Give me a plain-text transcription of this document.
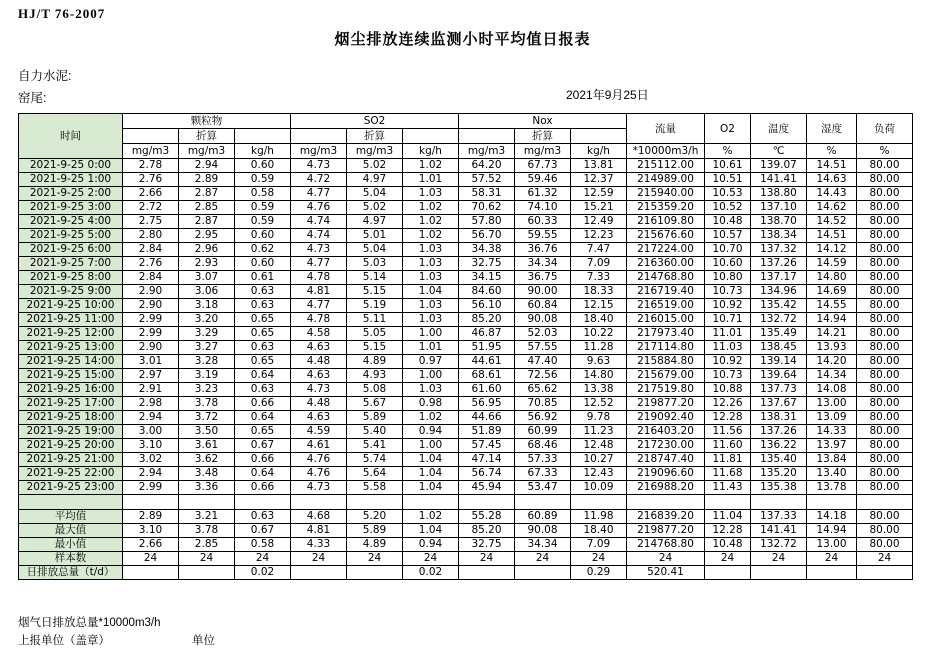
HJ/T 76-2007
烟尘排放连续监测小时平均值日报表
自力水泥:
窑尾:	2021年9月25日
时间	颗粒物			SO2			Nox			流量	O2	温度	湿度	负荷
		折算			折算			折算						
	mg/m3	mg/m3	kg/h	mg/m3	mg/m3	kg/h	mg/m3	mg/m3	kg/h	*10000m3/h	%	℃	%	%
2021-9-25 0:00	2.78	2.94	0.60	4.73	5.02	1.02	64.20	67.73	13.81	215112.00	10.61	139.07	14.51	80.00
2021-9-25 1:00	2.76	2.89	0.59	4.72	4.97	1.01	57.52	59.46	12.37	214989.00	10.51	141.41	14.63	80.00
2021-9-25 2:00	2.66	2.87	0.58	4.77	5.04	1.03	58.31	61.32	12.59	215940.00	10.53	138.80	14.43	80.00
2021-9-25 3:00	2.72	2.85	0.59	4.76	5.02	1.02	70.62	74.10	15.21	215359.20	10.52	137.10	14.62	80.00
2021-9-25 4:00	2.75	2.87	0.59	4.74	4.97	1.02	57.80	60.33	12.49	216109.80	10.48	138.70	14.52	80.00
2021-9-25 5:00	2.80	2.95	0.60	4.74	5.01	1.02	56.70	59.55	12.23	215676.60	10.57	138.34	14.51	80.00
2021-9-25 6:00	2.84	2.96	0.62	4.73	5.04	1.03	34.38	36.76	7.47	217224.00	10.70	137.32	14.12	80.00
2021-9-25 7:00	2.76	2.93	0.60	4.77	5.03	1.03	32.75	34.34	7.09	216360.00	10.60	137.26	14.59	80.00
2021-9-25 8:00	2.84	3.07	0.61	4.78	5.14	1.03	34.15	36.75	7.33	214768.80	10.80	137.17	14.80	80.00
2021-9-25 9:00	2.90	3.06	0.63	4.81	5.15	1.04	84.60	90.00	18.33	216719.40	10.73	134.96	14.69	80.00
2021-9-25 10:00	2.90	3.18	0.63	4.77	5.19	1.03	56.10	60.84	12.15	216519.00	10.92	135.42	14.55	80.00
2021-9-25 11:00	2.99	3.20	0.65	4.78	5.11	1.03	85.20	90.08	18.40	216015.00	10.71	132.72	14.94	80.00
2021-9-25 12:00	2.99	3.29	0.65	4.58	5.05	1.00	46.87	52.03	10.22	217973.40	11.01	135.49	14.21	80.00
2021-9-25 13:00	2.90	3.27	0.63	4.63	5.15	1.01	51.95	57.55	11.28	217114.80	11.03	138.45	13.93	80.00
2021-9-25 14:00	3.01	3.28	0.65	4.48	4.89	0.97	44.61	47.40	9.63	215884.80	10.92	139.14	14.20	80.00
2021-9-25 15:00	2.97	3.19	0.64	4.63	4.93	1.00	68.61	72.56	14.80	215679.00	10.73	139.64	14.34	80.00
2021-9-25 16:00	2.91	3.23	0.63	4.73	5.08	1.03	61.60	65.62	13.38	217519.80	10.88	137.73	14.08	80.00
2021-9-25 17:00	2.98	3.78	0.66	4.48	5.67	0.98	56.95	70.85	12.52	219877.20	12.26	137.67	13.00	80.00
2021-9-25 18:00	2.94	3.72	0.64	4.63	5.89	1.02	44.66	56.92	9.78	219092.40	12.28	138.31	13.09	80.00
2021-9-25 19:00	3.00	3.50	0.65	4.59	5.40	0.94	51.89	60.99	11.23	216403.20	11.56	137.26	14.33	80.00
2021-9-25 20:00	3.10	3.61	0.67	4.61	5.41	1.00	57.45	68.46	12.48	217230.00	11.60	136.22	13.97	80.00
2021-9-25 21:00	3.02	3.62	0.66	4.76	5.74	1.04	47.14	57.33	10.27	218747.40	11.81	135.40	13.84	80.00
2021-9-25 22:00	2.94	3.48	0.64	4.76	5.64	1.04	56.74	67.33	12.43	219096.60	11.68	135.20	13.40	80.00
2021-9-25 23:00	2.99	3.36	0.66	4.73	5.58	1.04	45.94	53.47	10.09	216988.20	11.43	135.38	13.78	80.00

平均值	2.89	3.21	0.63	4.68	5.20	1.02	55.28	60.89	11.98	216839.20	11.04	137.33	14.18	80.00
最大值	3.10	3.78	0.67	4.81	5.89	1.04	85.20	90.08	18.40	219877.20	12.28	141.41	14.94	80.00
最小值	2.66	2.85	0.58	4.33	4.89	0.94	32.75	34.34	7.09	214768.80	10.48	132.72	13.00	80.00
样本数	24	24	24	24	24	24	24	24	24	24	24	24	24	24
日排放总量（t/d）			0.02			0.02			0.29	520.41				
烟气日排放总量*10000m3/h
上报单位（盖章）	单位
